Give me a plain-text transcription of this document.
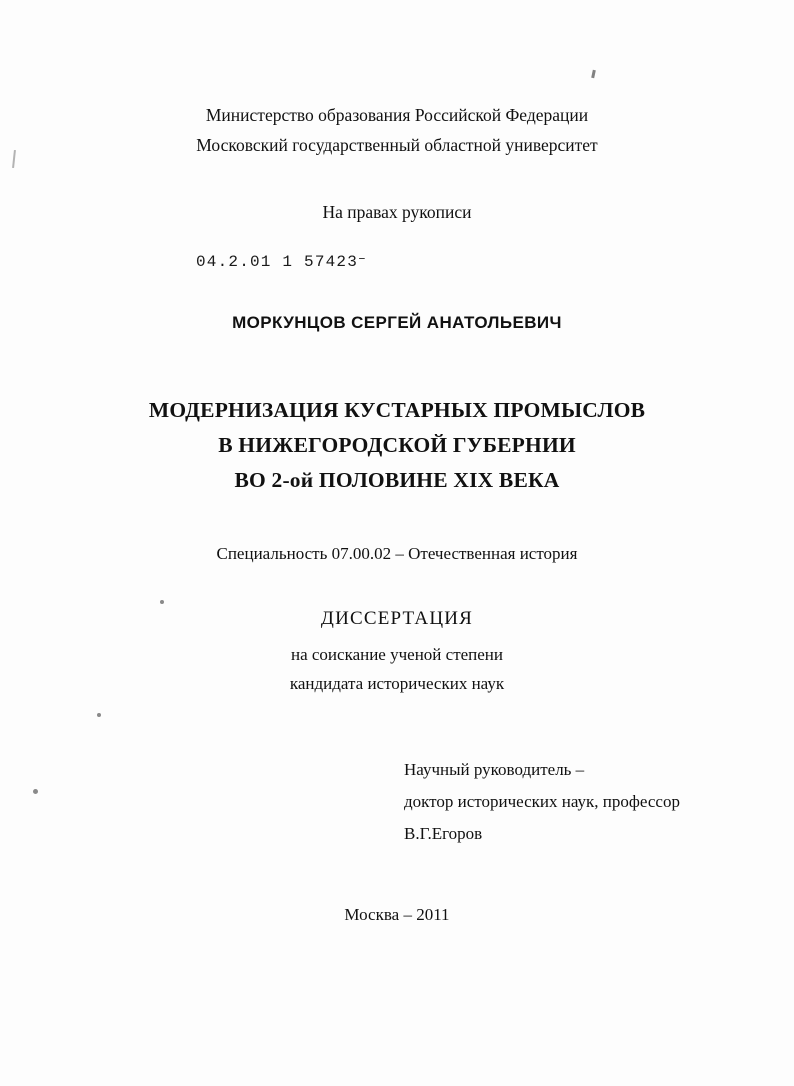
Министерство образования Российской Федерации
Московский государственный областной университет
На правах рукописи
04.2.01 1 57423–
МОРКУНЦОВ СЕРГЕЙ АНАТОЛЬЕВИЧ
МОДЕРНИЗАЦИЯ КУСТАРНЫХ ПРОМЫСЛОВ
В НИЖЕГОРОДСКОЙ ГУБЕРНИИ
ВО 2-ой ПОЛОВИНЕ XIX ВЕКА
Специальность 07.00.02 – Отечественная история
ДИССЕРТАЦИЯ
на соискание ученой степени
кандидата исторических наук
Научный руководитель –
доктор исторических наук, профессор
В.Г.Егоров
Москва – 2011
